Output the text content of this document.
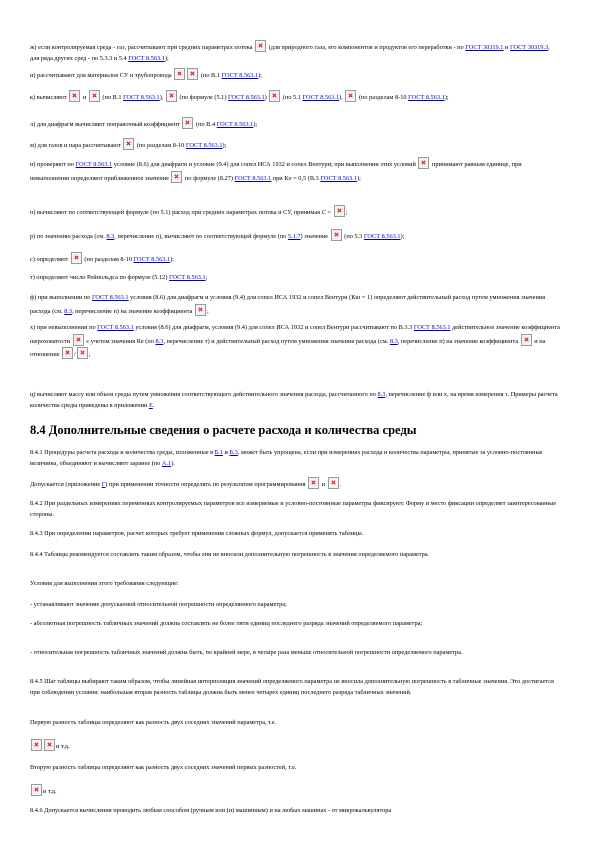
ж) если контролируемая среда - газ, рассчитывают при средних параметрах потока  (для природного газа, его компонентов и продуктов его переработки - по ГОСТ 30319.1 и ГОСТ 30319.3, для ряда других сред - по 5.3.3 и 5.4 ГОСТ 8.563.1);

и) рассчитывают для материалов СУ и трубопровода	(по В.1 ГОСТ 8.563.1);

к) вычисляют  и  (по В.1 ГОСТ 8.563.1),  (по формуле (5.1) ГОСТ 8.563.1)  (по 5.1 ГОСТ 8.563.1),  (по разделам 8-10 ГОСТ 8.563.1);

л) для диафрагм вычисляют поправочный коэффициент  (по В.4 ГОСТ 8.563.1);

м) для газов и пара рассчитывают  (по разделам 8-10 ГОСТ 8.563.1);

н) проверяют по ГОСТ 8.563.1 условие (8.6) для диафрагм и условие (9.4) для сопел ИСА 1932 и сопел Вентури; при выполнении этих условий  принимают равным единице, при невыполнении определяют приближенное значение  по формуле (8.27) ГОСТ 8.563.1 при Ke = 0,5 (В.3 ГОСТ 8.563.1);

п) вычисляют по соответствующей формуле (по 5.1) расход при средних параметрах потока и СУ, принимая C = ;

р) по значению расхода (см. 8.3, перечисление п), вычисляют по соответствующей формуле (по 5.1.7) значение  (по 5.3 ГОСТ 8.563.1);

с) определяют  (по разделам 8-10 ГОСТ 8.563.1);

т) определяют число Рейнольдса по формуле (5.12) ГОСТ 8.563.1;

ф) при выполнении по ГОСТ 8.563.1 условия (8.6) для диафрагм и условия (9.4) для сопел ИСА 1932 и сопел Вентури (Кш = 1) определяют действительный расход путем умножения значения расхода (см. 8.3, перечисление п) на значение коэффициента ;

х) при невыполнении по ГОСТ 8.563.1 условия (8.6) для диафрагм, условия (9.4) для сопел ИСА 1932 и сопел Вентури рассчитывают по В.3.3 ГОСТ 8.563.1 действительное значение коэффициента шероховатости  с учетом значения Re (по 8.3, перечисление т) и действительный расход путем умножения значения расхода (см. 8.3, перечисление п) на значение коэффициента  и на отношение / ;

ц) вычисляют массу или объем среды путем умножения соответствующего действительного значения расхода, рассчитанного по 8.3, перечисление ф или х, на время измерения τ. Примеры расчета количества среды приведены в приложении Е.

8.4 Дополнительные сведения о расчете расхода и количества среды

8.4.1 Процедуры расчета расхода и количества среды, изложенные в Б.1 и Б.3, может быть упрощена, если при измерениях расхода и количества параметры, принятые за условно-постоянные величины, объединяют и вычисляют заранее (по А.1).

Допускается (приложение Г) при применении точности определять по результатам программирования  и .

8.4.2 При раздельных измерениях переменных контролируемых параметров все измеряемые и условно-постоянные параметры фиксируют. Форму и место фиксации определяет заинтересованные стороны.

8.4.3 При определении параметров, расчет которых требует применения сложных формул, допускается применять таблицы.

8.4.4 Таблицы рекомендуется составлять таким образом, чтобы они не вносили дополнительную погрешность в значения определяемого параметра.

Условия для выполнения этого требования следующие:

- устанавливают значение допускаемой относительной погрешности определяемого параметра;

- абсолютная погрешность табличных значений должна составлять не более пяти единиц последнего разряда значений определяемого параметра;

- относительная погрешность табличных значений должна быть, по крайней мере, в четыре раза меньше относительной погрешности определяемого параметра.

8.4.5 Шаг таблицы выбирают таким образом, чтобы линейная интерполяция значений определяемого параметра не вносила дополнительную погрешность в табличные значения. Это достигается при соблюдении условия: наибольшая вторая разность таблицы должна быть менее четырех единиц последнего разряда табличных значений.

Первую разность таблицы определяют как разность двух соседних значений параметра, т.е.

и т.д.

Вторую разность таблицы определяют как разность двух соседних значений первых разностей, т.е.

и т.д.

8.4.6 Допускается вычисления проводить любым способом (ручным или (и) машинным) и на любых машинах - от микрокалькулятора
